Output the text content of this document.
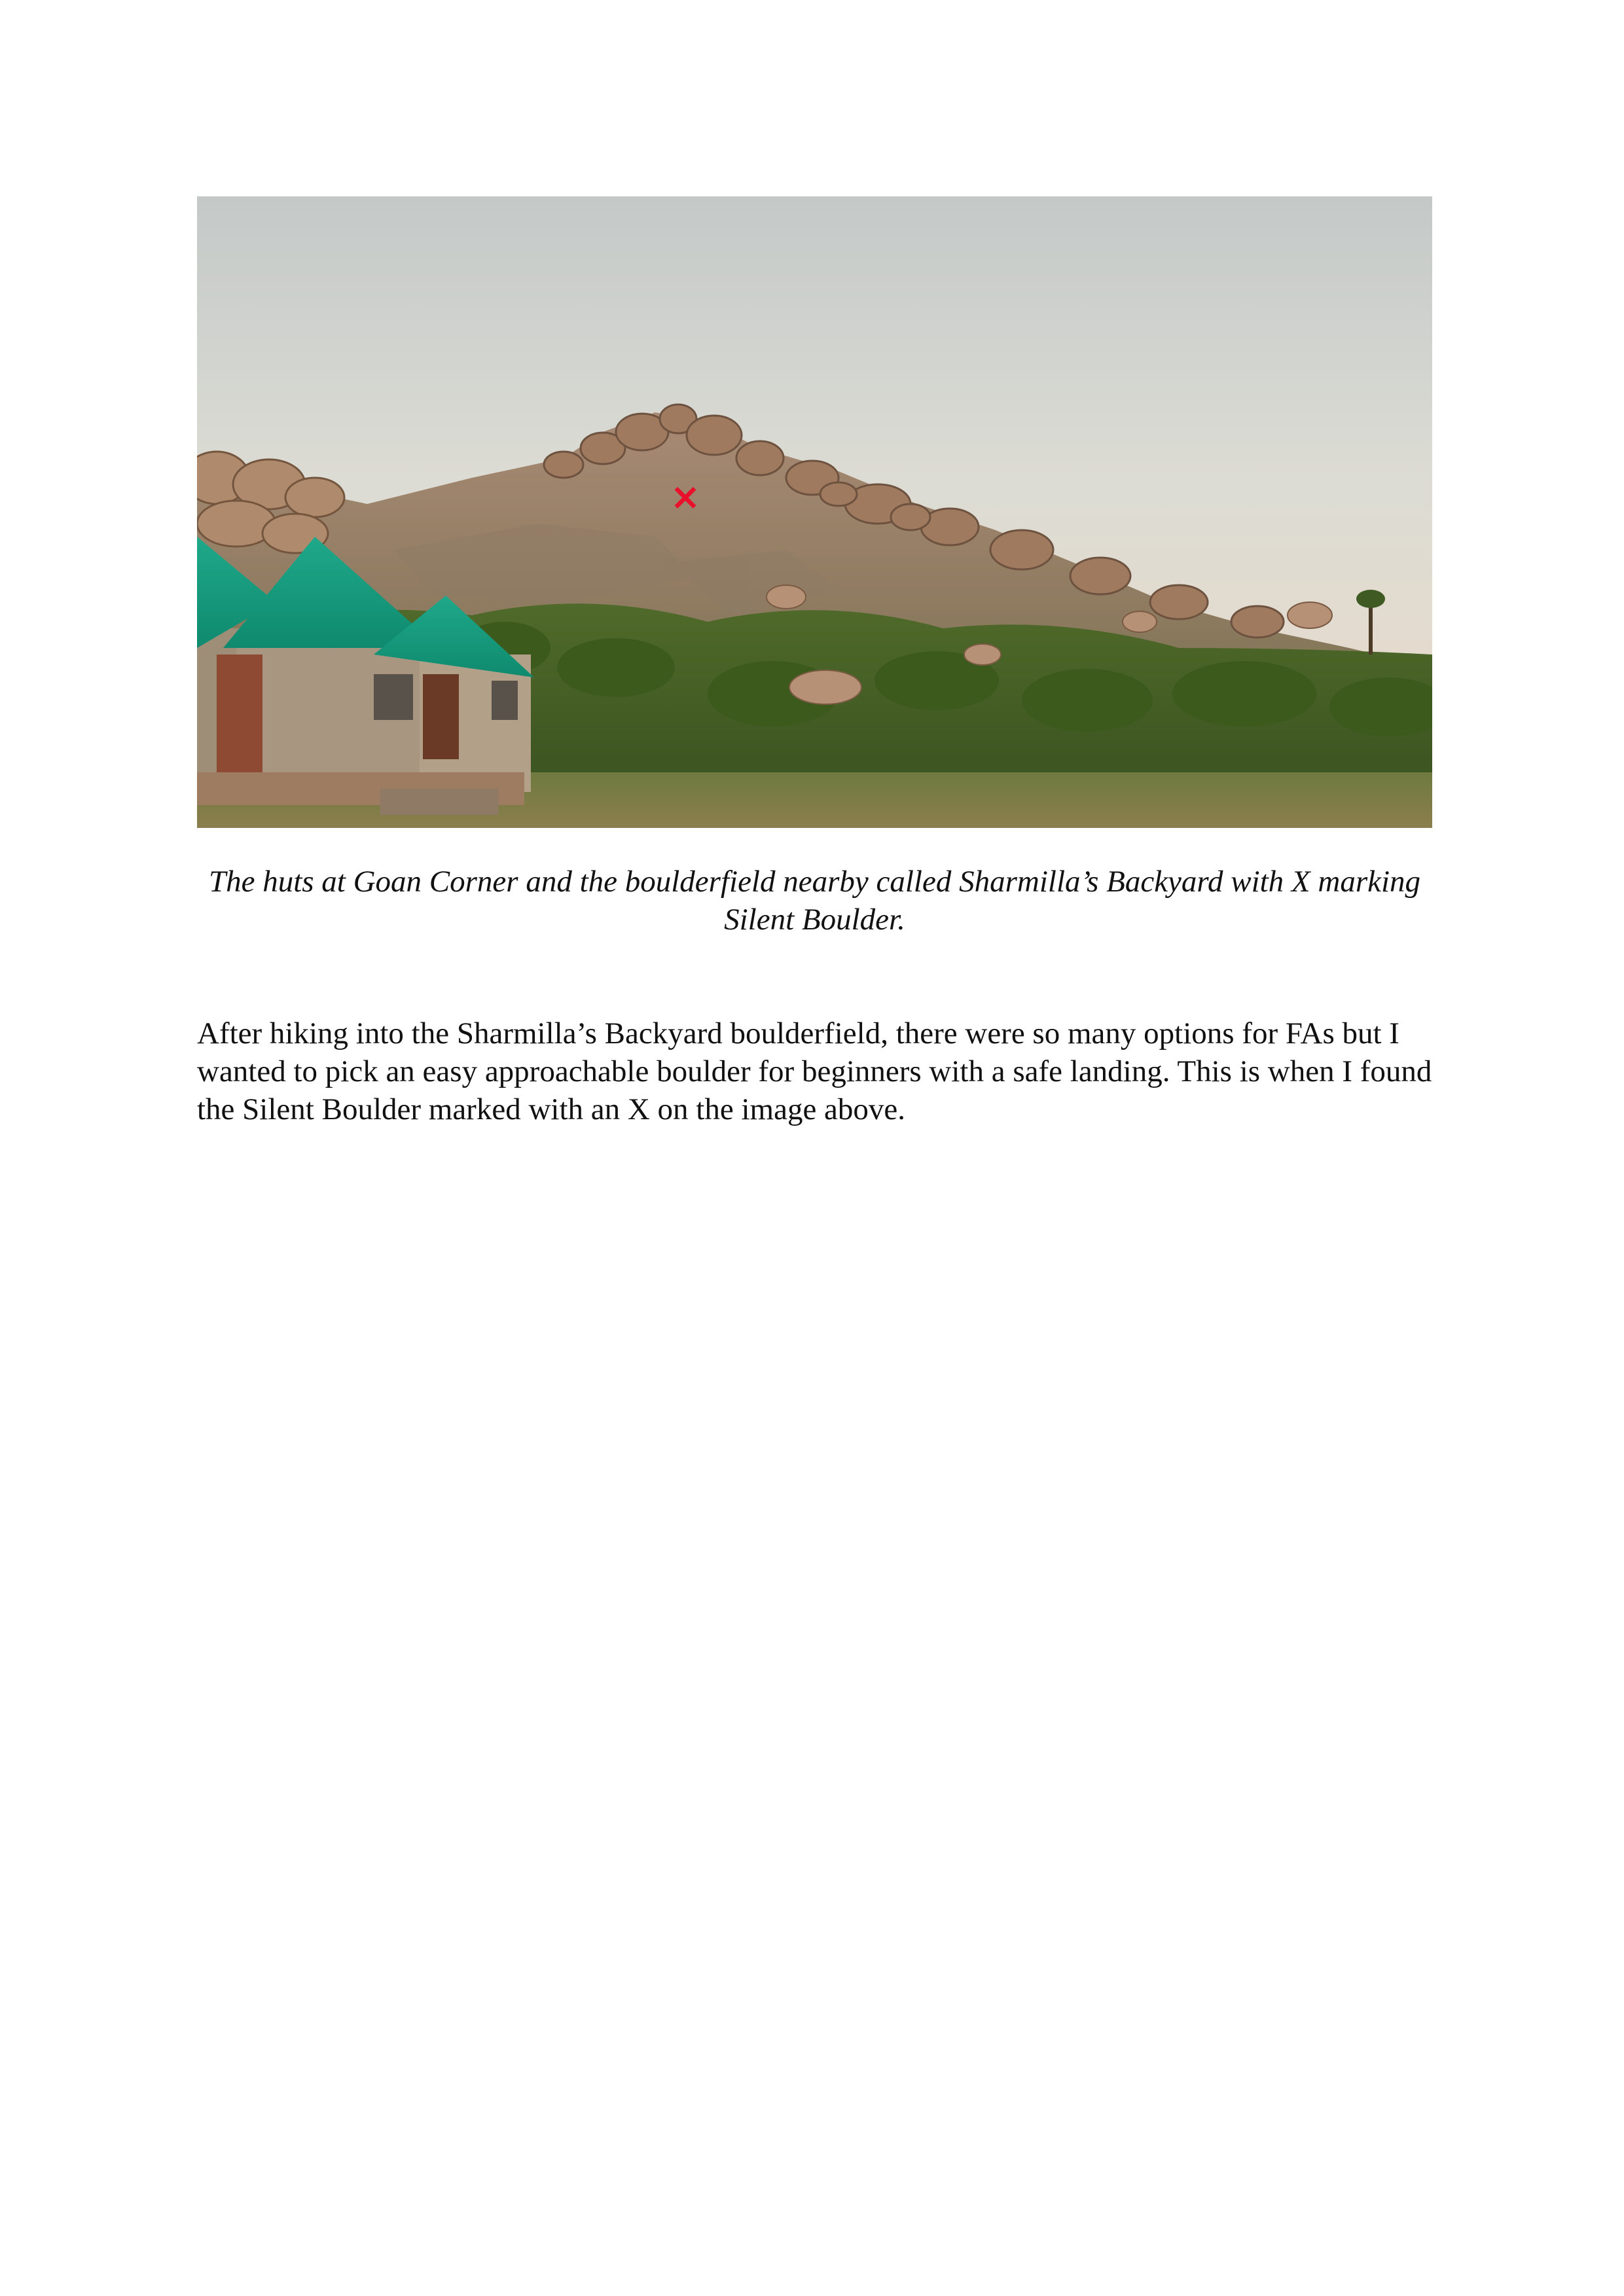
×
The huts at Goan Corner and the boulderfield nearby called Sharmilla’s Backyard with X marking Silent Boulder.
After hiking into the Sharmilla’s Backyard boulderfield, there were so many options for FAs but I wanted to pick an easy approachable boulder for beginners with a safe landing. This is when I found the Silent Boulder marked with an X on the image above.
